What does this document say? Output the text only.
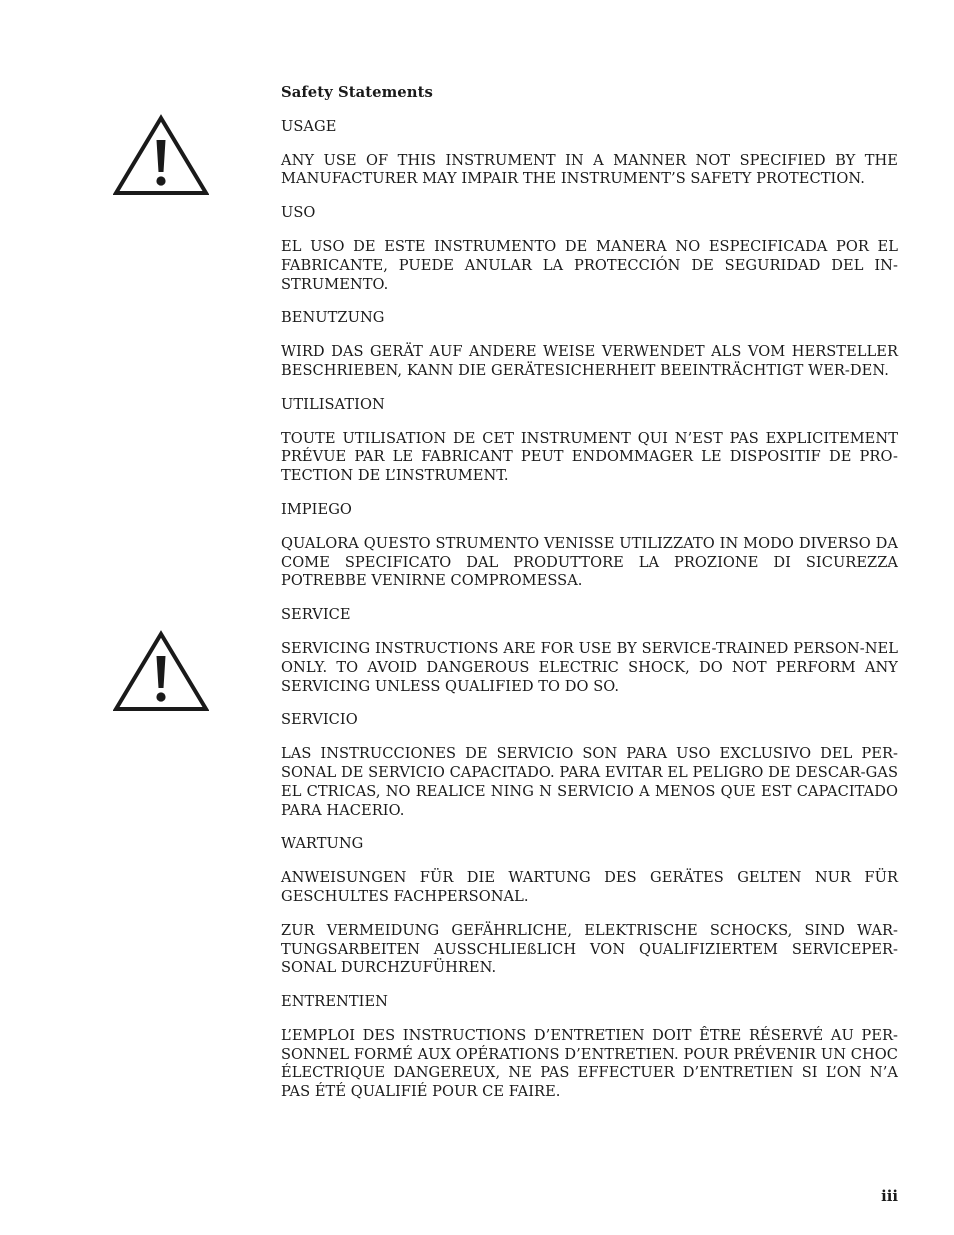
Safety Statements
USAGE
ANY USE OF THIS INSTRUMENT IN A MANNER NOT SPECIFIED BY THE MANUFACTURER MAY IMPAIR THE INSTRUMENT’S SAFETY PROTECTION.
USO
EL USO DE ESTE INSTRUMENTO DE MANERA NO ESPECIFICADA POR EL FABRICANTE, PUEDE ANULAR LA PROTECCIÓN DE SEGURIDAD DEL IN-STRUMENTO.
BENUTZUNG
WIRD DAS GERÄT AUF ANDERE WEISE VERWENDET ALS VOM HERSTELLER BESCHRIEBEN, KANN DIE GERÄTESICHERHEIT BEEINTRÄCHTIGT WER-DEN.
UTILISATION
TOUTE UTILISATION DE CET INSTRUMENT QUI N’EST PAS EXPLICITEMENT PRÉVUE PAR LE FABRICANT PEUT ENDOMMAGER LE DISPOSITIF DE PRO-TECTION DE L’INSTRUMENT.
IMPIEGO
QUALORA QUESTO STRUMENTO VENISSE UTILIZZATO IN MODO DIVERSO DA COME SPECIFICATO DAL PRODUTTORE LA PROZIONE DI SICUREZZA POTREBBE VENIRNE COMPROMESSA.
SERVICE
SERVICING INSTRUCTIONS ARE FOR USE BY SERVICE-TRAINED PERSON-NEL ONLY. TO AVOID DANGEROUS ELECTRIC SHOCK, DO NOT PERFORM ANY SERVICING UNLESS QUALIFIED TO DO SO.
SERVICIO
LAS INSTRUCCIONES DE SERVICIO SON PARA USO EXCLUSIVO DEL PER-SONAL DE SERVICIO CAPACITADO. PARA EVITAR EL PELIGRO DE DESCAR-GAS EL CTRICAS, NO REALICE NING N SERVICIO A MENOS QUE EST CAPACITADO PARA HACERIO.
WARTUNG
ANWEISUNGEN FÜR DIE WARTUNG DES GERÄTES GELTEN NUR FÜR GESCHULTES FACHPERSONAL.
ZUR VERMEIDUNG GEFÄHRLICHE, ELEKTRISCHE SCHOCKS, SIND WAR-TUNGSARBEITEN AUSSCHLIEßLICH VON QUALIFIZIERTEM SERVICEPER-SONAL DURCHZUFÜHREN.
ENTRENTIEN
L’EMPLOI DES INSTRUCTIONS D’ENTRETIEN DOIT ÊTRE RÉSERVÉ AU PER-SONNEL FORMÉ AUX OPÉRATIONS D’ENTRETIEN. POUR PRÉVENIR UN CHOC ÉLECTRIQUE DANGEREUX, NE PAS EFFECTUER D’ENTRETIEN SI L’ON N’A PAS ÉTÉ QUALIFIÉ POUR CE FAIRE.
iii
